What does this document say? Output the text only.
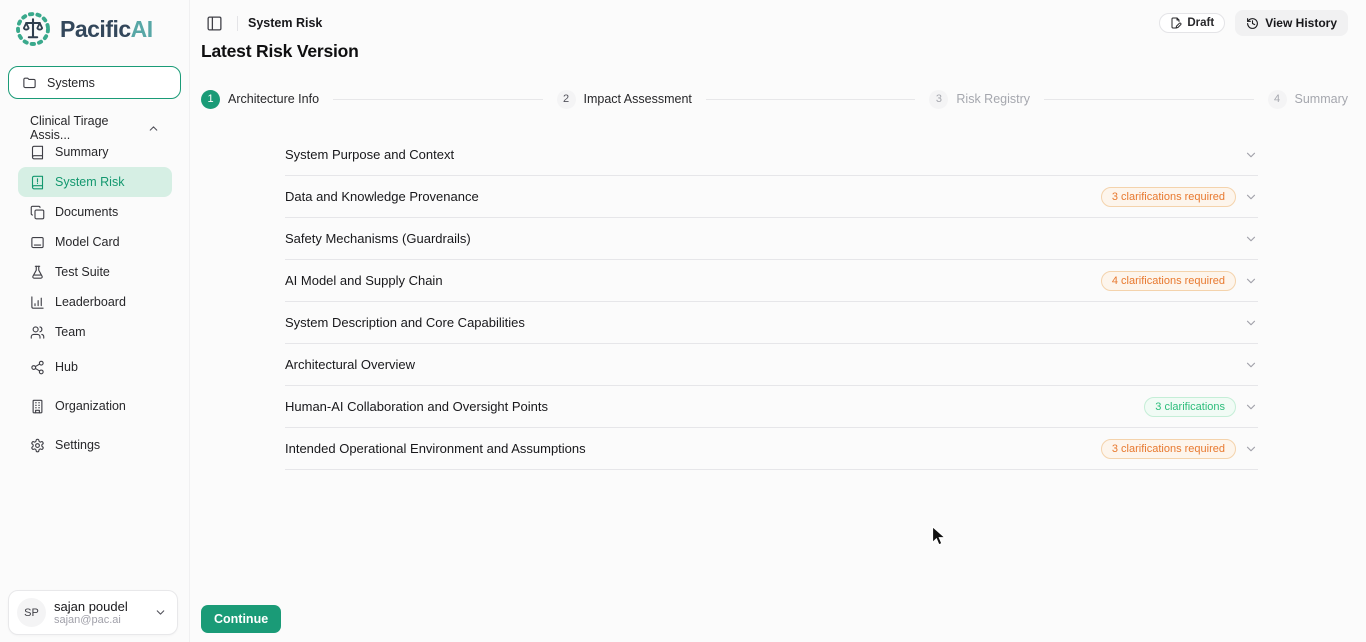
PacificAI
Systems
Clinical Tirage Assis...
Summary
System Risk
Documents
Model Card
Test Suite
Leaderboard
Team
Hub
Organization
Settings
SP	sajan poudel
sajan@pac.ai
System Risk	Draft	View History
Latest Risk Version
1	Architecture Info	2	Impact Assessment	3	Risk Registry	4	Summary
System Purpose and Context
Data and Knowledge Provenance	3 clarifications required
Safety Mechanisms (Guardrails)
AI Model and Supply Chain	4 clarifications required
System Description and Core Capabilities
Architectural Overview
Human-AI Collaboration and Oversight Points	3 clarifications
Intended Operational Environment and Assumptions	3 clarifications required
Continue
